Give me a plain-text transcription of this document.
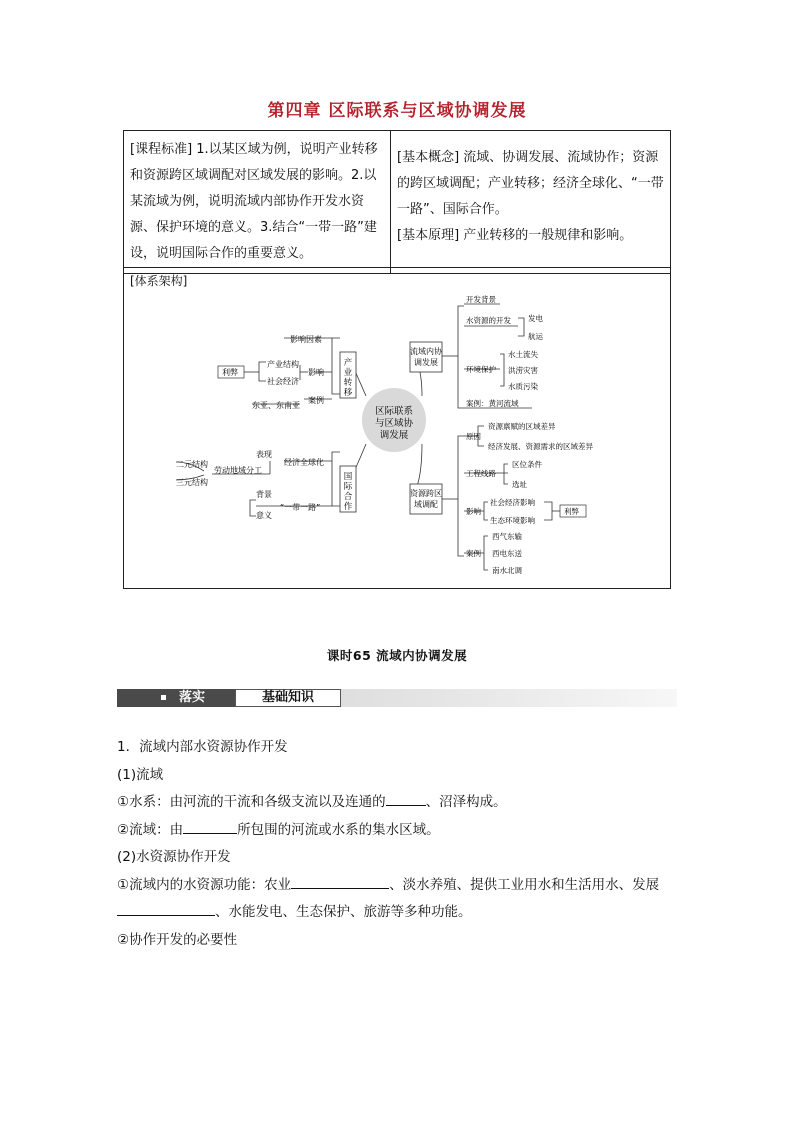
第四章 区际联系与区域协调发展
[课程标准] 1.以某区域为例，说明产业转移和资源跨区域调配对区域发展的影响。2.以某流域为例，说明流域内部协作开发水资源、保护环境的意义。3.结合“一带一路”建设，说明国际合作的重要意义。	
[基本概念] 流域、协调发展、流域协作；资源的跨区域调配；产业转移；经济全球化、“一带一路”、国际合作。
[基本原理] 产业转移的一般规律和影响。
[体系架构]
区际联系
与区域协
调发展
产业转移
影响因素
影响
产业结构
社会经济
利弊
案例
东亚、东南亚
国际合作
经济全球化
表现
劳动地域分工
二元结构
三元结构
背景
意义
“一带一路”
流域内协
调发展
开发背景
水资源的开发 发电
航运
环境保护
水土流失
洪涝灾害
水质污染
案例：黄河流域
资源跨区
域调配
原因
资源禀赋的区域差异
经济发展、资源需求的区域差异
工程线路
区位条件
选址
影响
社会经济影响
生态环境影响
利弊
案例
西气东输
西电东送
南水北调
课时65 流域内协调发展
落实	基础知识
1．流域内部水资源协作开发
(1)流域
①水系：由河流的干流和各级支流以及连通的	、沼泽构成。
②流域：由	所包围的河流或水系的集水区域。
(2)水资源协作开发
①流域内的水资源功能：农业	、淡水养殖、提供工业用水和生活用水、发展
、水能发电、生态保护、旅游等多种功能。
②协作开发的必要性
